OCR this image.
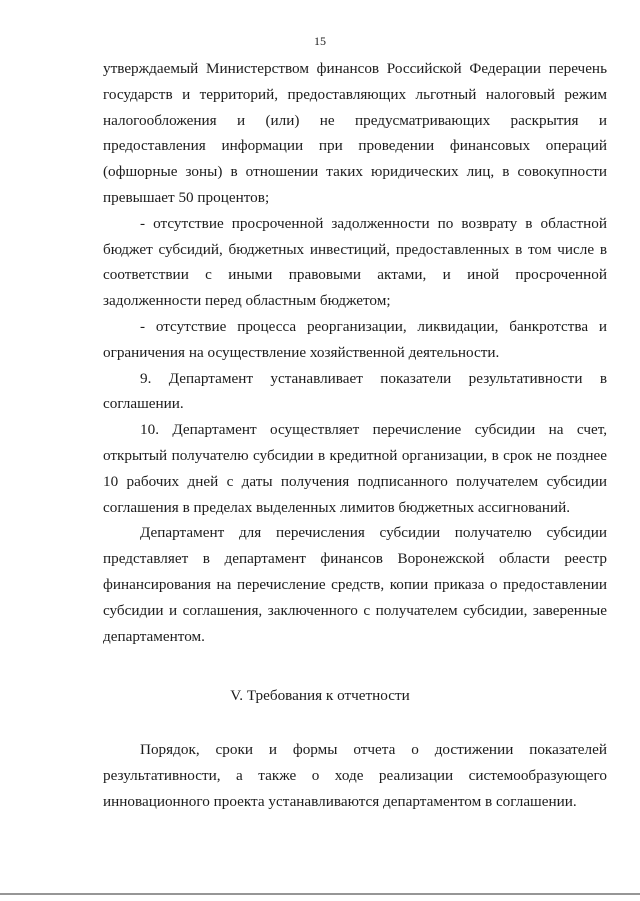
15

утверждаемый Министерством финансов Российской Федерации перечень государств и территорий, предоставляющих льготный налоговый режим налогообложения и (или) не предусматривающих раскрытия и предоставления информации при проведении финансовых операций (офшорные зоны) в отношении таких юридических лиц, в совокупности превышает 50 процентов;

- отсутствие просроченной задолженности по возврату в областной бюджет субсидий, бюджетных инвестиций, предоставленных в том числе в соответствии с иными правовыми актами, и иной просроченной задолженности перед областным бюджетом;

- отсутствие процесса реорганизации, ликвидации, банкротства и ограничения на осуществление хозяйственной деятельности.

9. Департамент устанавливает показатели результативности в соглашении.

10. Департамент осуществляет перечисление субсидии на счет, открытый получателю субсидии в кредитной организации, в срок не позднее 10 рабочих дней с даты получения подписанного получателем субсидии соглашения в пределах выделенных лимитов бюджетных ассигнований.

Департамент для перечисления субсидии получателю субсидии представляет в департамент финансов Воронежской области реестр финансирования на перечисление средств, копии приказа о предоставлении субсидии и соглашения, заключенного с получателем субсидии, заверенные департаментом.

V. Требования к отчетности

Порядок, сроки и формы отчета о достижении показателей результативности, а также о ходе реализации системообразующего инновационного проекта устанавливаются департаментом в соглашении.
